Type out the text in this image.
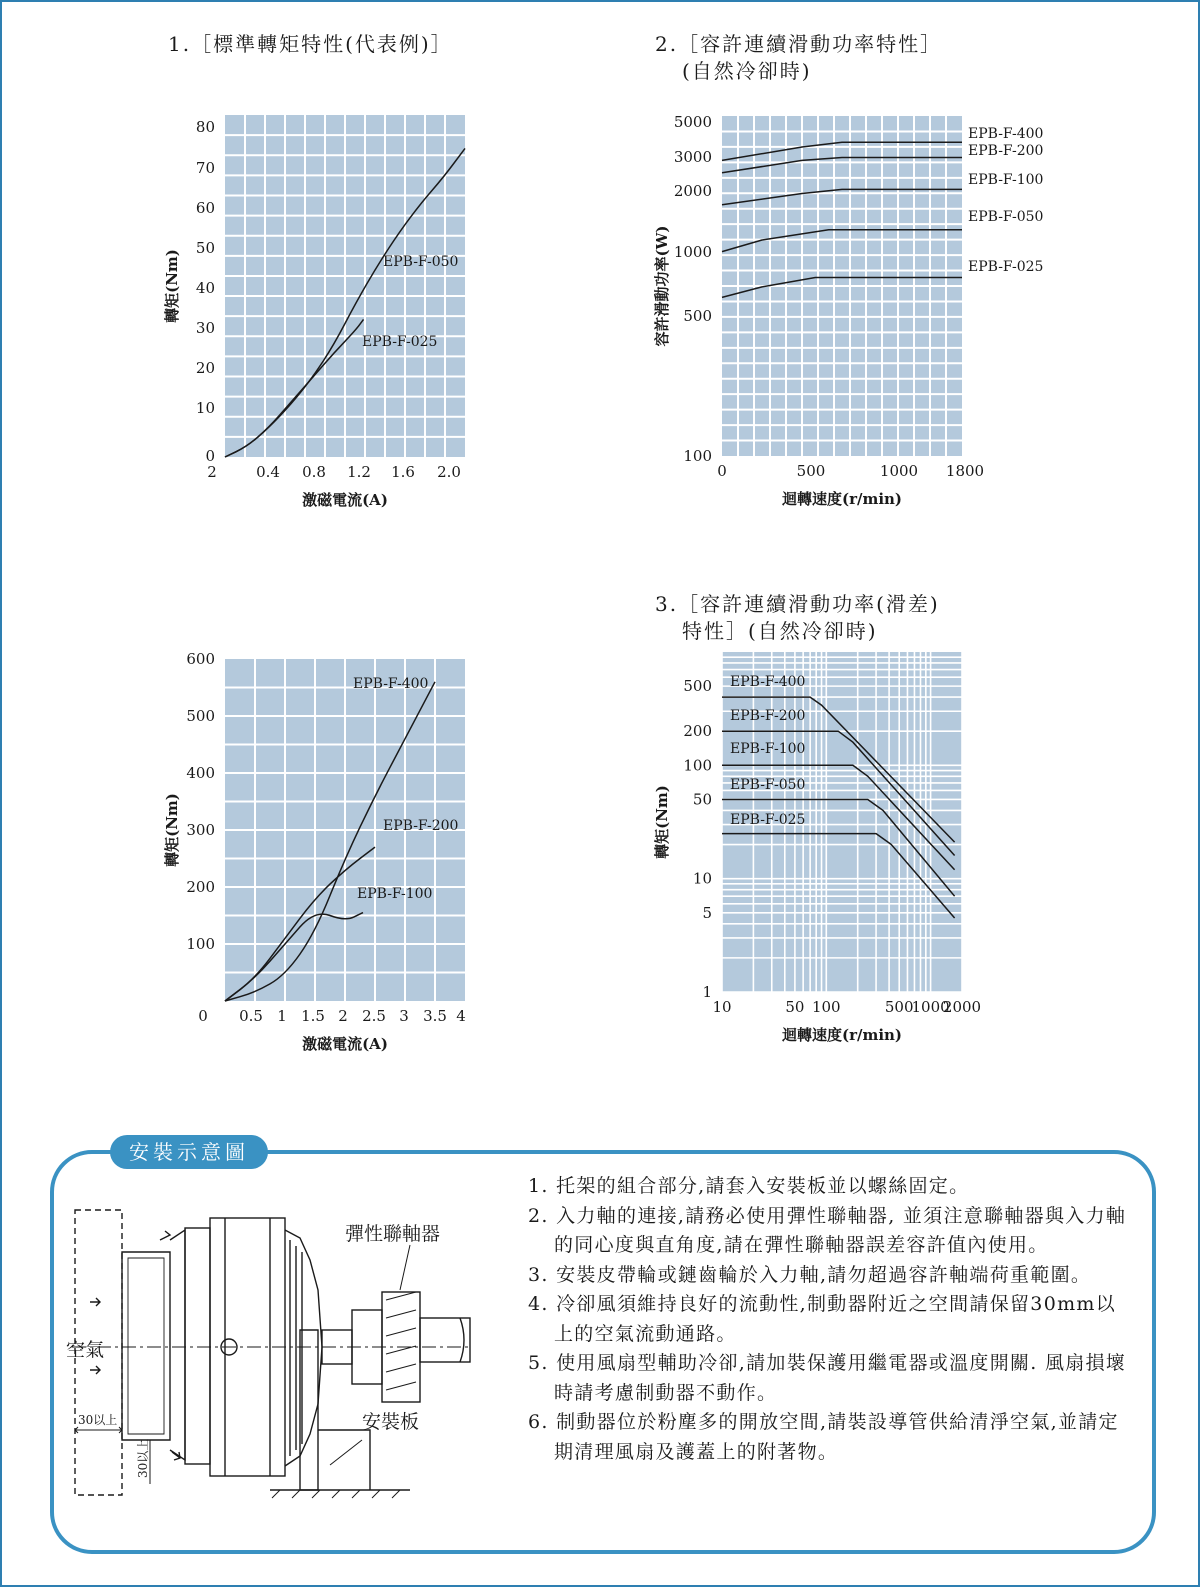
1.［標準轉矩特性(代表例)］	2.［容許連續滑動功率特性］
(自然冷卻時)
3.［容許連續滑動功率(滑差)
特性］(自然冷卻時)
2	0.4 0.8 1.2 1.6 2.0
0
10
20
30
40
50
60
70
80
激磁電流(A)
轉矩(Nm)	EPB-F-050
EPB-F-025
0	500	1000 1800
100
500
1000
2000
3000
5000
迴轉速度(r/min)
容許滑動功率(W)
EPB-F-400
EPB-F-200
EPB-F-100
EPB-F-050
EPB-F-025
0 0.5 1 1.5 2 2.5 3 3.5 4
100
200
300
400
500
600
激磁電流(A)
轉矩(Nm)
EPB-F-400
EPB-F-200
EPB-F-100
10	50 100	500
1000
2000
1
5
10
50
100
200
500
迴轉速度(r/min)
轉矩(Nm)
EPB-F-400
EPB-F-200
EPB-F-100
EPB-F-050
EPB-F-025
安裝示意圖
彈性聯軸器
空氣
安裝板
30以上
30以上
1. 托架的組合部分,請套入安裝板並以螺絲固定。
2. 入力軸的連接,請務必使用彈性聯軸器, 並須注意聯軸器與入力軸的同心度與直角度,請在彈性聯軸器誤差容許值內使用。
3. 安裝皮帶輪或鏈齒輪於入力軸,請勿超過容許軸端荷重範圍。
4. 冷卻風須維持良好的流動性,制動器附近之空間請保留30mm以上的空氣流動通路。
5. 使用風扇型輔助冷卻,請加裝保護用繼電器或溫度開關. 風扇損壞時請考慮制動器不動作。
6. 制動器位於粉塵多的開放空間,請裝設導管供給清淨空氣,並請定期清理風扇及護蓋上的附著物。
